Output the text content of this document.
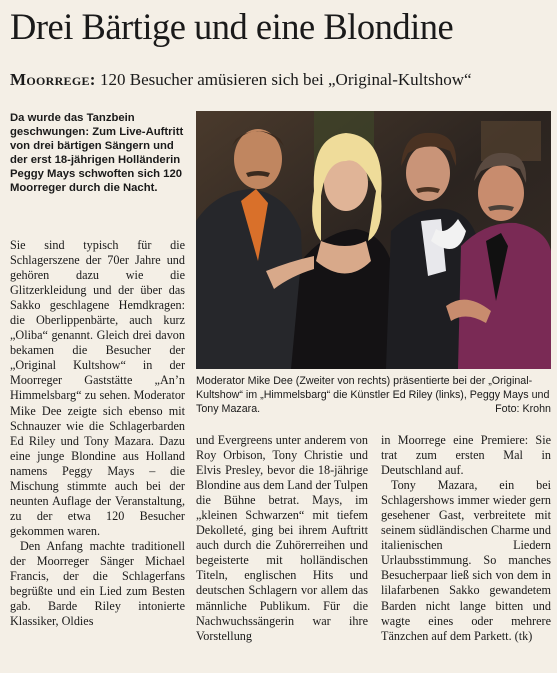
Drei Bärtige und eine Blondine
Moorrege: 120 Besucher amüsieren sich bei „Original-Kultshow“
Da wurde das Tanzbein geschwungen: Zum Live-Auftritt von drei bärtigen Sängern und der erst 18-jährigen Holländerin Peggy Mays schwoften sich 120 Moorreger durch die Nacht.

Sie sind typisch für die Schlagerszene der 70er Jahre und gehören dazu wie die Glitzerkleidung und der über das Sakko geschlagene Hemdkragen: die Oberlippenbärte, auch kurz „Oliba“ genannt. Gleich drei davon bekamen die Besucher der „Original Kultshow“ in der Moorreger Gaststätte „An’n Himmelsbarg“ zu sehen. Moderator Mike Dee zeigte sich ebenso mit Schnauzer wie die Schlagerbarden Ed Riley und Tony Mazara. Dazu eine junge Blondine aus Holland namens Peggy Mays – die Mischung stimmte auch bei der neunten Auflage der Veranstaltung, zu der etwa 120 Besucher gekommen waren.

Den Anfang machte traditionell der Moorreger Sänger Michael Francis, der die Schlagerfans begrüßte und ein Lied zum Besten gab. Barde Riley intonierte Klassiker, Oldies

Moderator Mike Dee (Zweiter von rechts) präsentierte bei der „Original-Kultshow“ im „Himmelsbarg“ die Künstler Ed Riley (links), Peggy Mays und Tony Mazara.	Foto: Krohn

und Evergreens unter anderem von Roy Orbison, Tony Christie und Elvis Presley, bevor die 18-jährige Blondine aus dem Land der Tulpen die Bühne betrat. Mays, im „kleinen Schwarzen“ mit tiefem Dekolleté, ging bei ihrem Auftritt auch durch die Zuhörerreihen und begeisterte mit holländischen Titeln, englischen Hits und deutschen Schlagern vor allem das männliche Publikum. Für die Nachwuchssängerin war ihre Vorstellung

in Moorrege eine Premiere: Sie trat zum ersten Mal in Deutschland auf.

Tony Mazara, ein bei Schlagershows immer wieder gern gesehener Gast, verbreitete mit seinem südländischen Charme und italienischen Liedern Urlaubsstimmung. So manches Besucherpaar ließ sich von dem in lilafarbenen Sakko gewandetem Barden nicht lange bitten und wagte eines oder mehrere Tänzchen auf dem Parkett. (tk)
